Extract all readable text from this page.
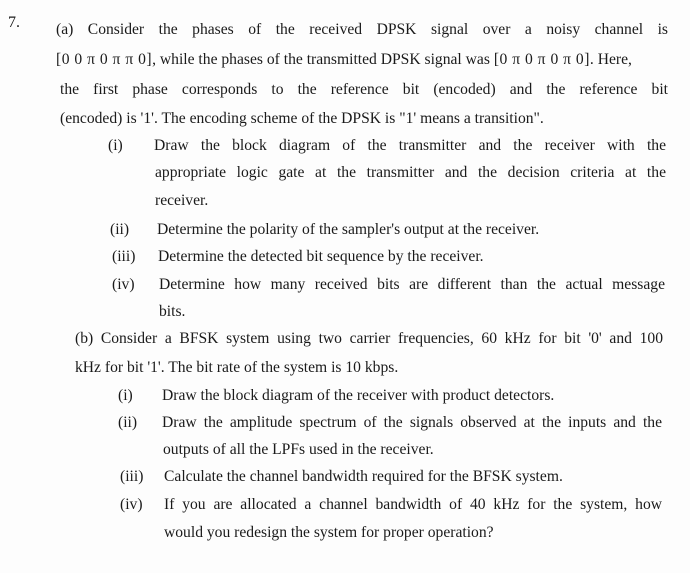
7. (a) Consider the phases of the received DPSK signal over a noisy channel is
[0 0 π 0 π π 0] , while the phases of the transmitted DPSK signal was
[0 π 0 π 0 π 0] . Here,
the first phase corresponds to the reference bit (encoded) and the reference bit
(encoded) is '1'. The encoding scheme of the DPSK is "1' means a transition".
(i) Draw the block diagram of the transmitter and the receiver with the
appropriate logic gate at the transmitter and the decision criteria at the
receiver.
(ii) Determine the polarity of the sampler's output at the receiver.
(iii) Determine the detected bit sequence by the receiver.
(iv) Determine how many received bits are different than the actual message
bits.
(b) Consider a BFSK system using two carrier frequencies, 60 kHz for bit '0' and 100
kHz for bit '1'. The bit rate of the system is 10 kbps.
(i) Draw the block diagram of the receiver with product detectors.
(ii) Draw the amplitude spectrum of the signals observed at the inputs and the
outputs of all the LPFs used in the receiver.
(iii) Calculate the channel bandwidth required for the BFSK system.
(iv) If you are allocated a channel bandwidth of 40 kHz for the system, how
would you redesign the system for proper operation?
